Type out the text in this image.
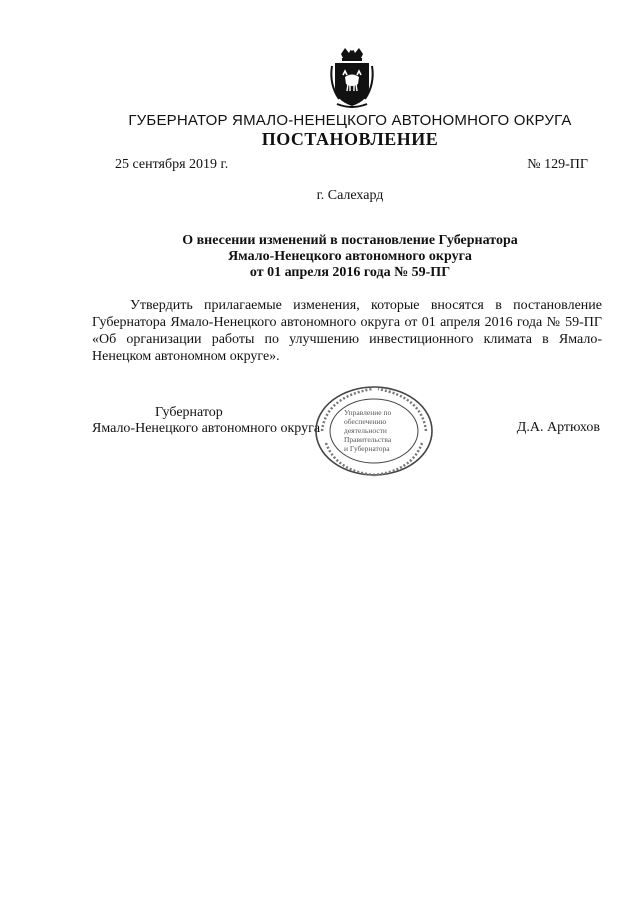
ГУБЕРНАТОР ЯМАЛО-НЕНЕЦКОГО АВТОНОМНОГО ОКРУГА
ПОСТАНОВЛЕНИЕ
25 сентября 2019 г.	№ 129-ПГ
г. Салехард
О внесении изменений в постановление Губернатора
Ямало-Ненецкого автономного округа
от 01 апреля 2016 года № 59-ПГ
Утвердить прилагаемые изменения, которые вносятся в постановление Губернатора Ямало-Ненецкого автономного округа от 01 апреля 2016 года № 59-ПГ «Об организации работы по улучшению инвестиционного климата в Ямало-Ненецком автономном округе».
Губернатор
Ямало-Ненецкого автономного округа
Управление по
обеспечению
деятельности
Правительства
и Губернатора
Д.А. Артюхов
